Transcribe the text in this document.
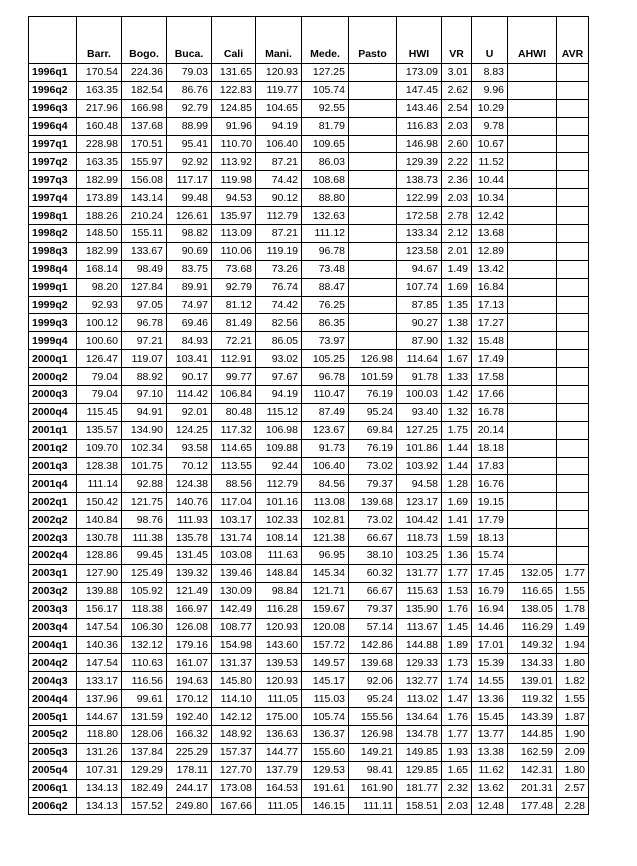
	Barr.	Bogo.	Buca.	Cali	Mani.	Mede.	Pasto	HWI	VR	U	AHWI	AVR
1996q1	170.54	224.36	79.03	131.65	120.93	127.25		173.09	3.01	8.83		
1996q2	163.35	182.54	86.76	122.83	119.77	105.74		147.45	2.62	9.96		
1996q3	217.96	166.98	92.79	124.85	104.65	92.55		143.46	2.54	10.29		
1996q4	160.48	137.68	88.99	91.96	94.19	81.79		116.83	2.03	9.78		
1997q1	228.98	170.51	95.41	110.70	106.40	109.65		146.98	2.60	10.67		
1997q2	163.35	155.97	92.92	113.92	87.21	86.03		129.39	2.22	11.52		
1997q3	182.99	156.08	117.17	119.98	74.42	108.68		138.73	2.36	10.44		
1997q4	173.89	143.14	99.48	94.53	90.12	88.80		122.99	2.03	10.34		
1998q1	188.26	210.24	126.61	135.97	112.79	132.63		172.58	2.78	12.42		
1998q2	148.50	155.11	98.82	113.09	87.21	111.12		133.34	2.12	13.68		
1998q3	182.99	133.67	90.69	110.06	119.19	96.78		123.58	2.01	12.89		
1998q4	168.14	98.49	83.75	73.68	73.26	73.48		94.67	1.49	13.42		
1999q1	98.20	127.84	89.91	92.79	76.74	88.47		107.74	1.69	16.84		
1999q2	92.93	97.05	74.97	81.12	74.42	76.25		87.85	1.35	17.13		
1999q3	100.12	96.78	69.46	81.49	82.56	86.35		90.27	1.38	17.27		
1999q4	100.60	97.21	84.93	72.21	86.05	73.97		87.90	1.32	15.48		
2000q1	126.47	119.07	103.41	112.91	93.02	105.25	126.98	114.64	1.67	17.49		
2000q2	79.04	88.92	90.17	99.77	97.67	96.78	101.59	91.78	1.33	17.58		
2000q3	79.04	97.10	114.42	106.84	94.19	110.47	76.19	100.03	1.42	17.66		
2000q4	115.45	94.91	92.01	80.48	115.12	87.49	95.24	93.40	1.32	16.78		
2001q1	135.57	134.90	124.25	117.32	106.98	123.67	69.84	127.25	1.75	20.14		
2001q2	109.70	102.34	93.58	114.65	109.88	91.73	76.19	101.86	1.44	18.18		
2001q3	128.38	101.75	70.12	113.55	92.44	106.40	73.02	103.92	1.44	17.83		
2001q4	111.14	92.88	124.38	88.56	112.79	84.56	79.37	94.58	1.28	16.76		
2002q1	150.42	121.75	140.76	117.04	101.16	113.08	139.68	123.17	1.69	19.15		
2002q2	140.84	98.76	111.93	103.17	102.33	102.81	73.02	104.42	1.41	17.79		
2002q3	130.78	111.38	135.78	131.74	108.14	121.38	66.67	118.73	1.59	18.13		
2002q4	128.86	99.45	131.45	103.08	111.63	96.95	38.10	103.25	1.36	15.74		
2003q1	127.90	125.49	139.32	139.46	148.84	145.34	60.32	131.77	1.77	17.45	132.05	1.77
2003q2	139.88	105.92	121.49	130.09	98.84	121.71	66.67	115.63	1.53	16.79	116.65	1.55
2003q3	156.17	118.38	166.97	142.49	116.28	159.67	79.37	135.90	1.76	16.94	138.05	1.78
2003q4	147.54	106.30	126.08	108.77	120.93	120.08	57.14	113.67	1.45	14.46	116.29	1.49
2004q1	140.36	132.12	179.16	154.98	143.60	157.72	142.86	144.88	1.89	17.01	149.32	1.94
2004q2	147.54	110.63	161.07	131.37	139.53	149.57	139.68	129.33	1.73	15.39	134.33	1.80
2004q3	133.17	116.56	194.63	145.80	120.93	145.17	92.06	132.77	1.74	14.55	139.01	1.82
2004q4	137.96	99.61	170.12	114.10	111.05	115.03	95.24	113.02	1.47	13.36	119.32	1.55
2005q1	144.67	131.59	192.40	142.12	175.00	105.74	155.56	134.64	1.76	15.45	143.39	1.87
2005q2	118.80	128.06	166.32	148.92	136.63	136.37	126.98	134.78	1.77	13.77	144.85	1.90
2005q3	131.26	137.84	225.29	157.37	144.77	155.60	149.21	149.85	1.93	13.38	162.59	2.09
2005q4	107.31	129.29	178.11	127.70	137.79	129.53	98.41	129.85	1.65	11.62	142.31	1.80
2006q1	134.13	182.49	244.17	173.08	164.53	191.61	161.90	181.77	2.32	13.62	201.31	2.57
2006q2	134.13	157.52	249.80	167.66	111.05	146.15	111.11	158.51	2.03	12.48	177.48	2.28
